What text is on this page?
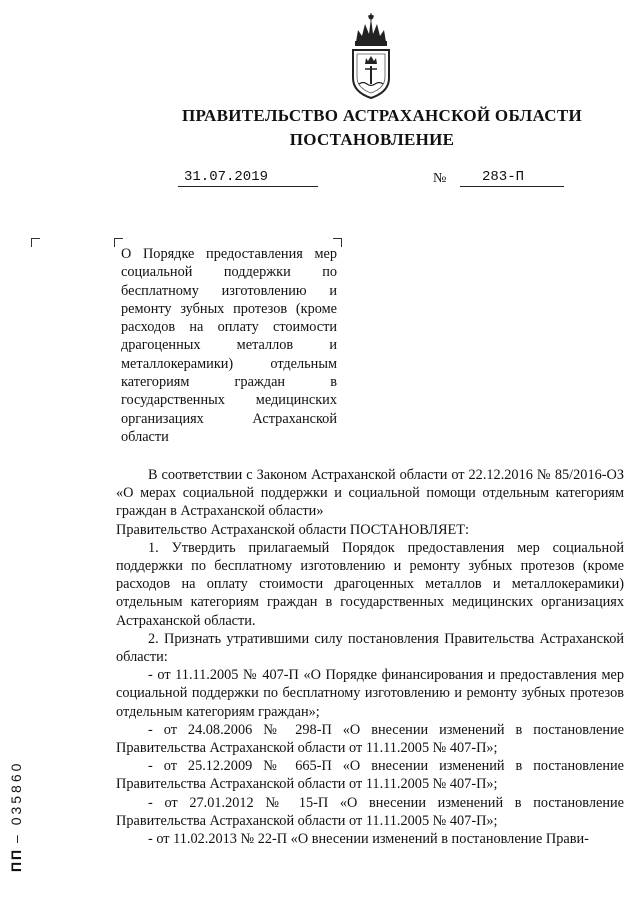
ПРАВИТЕЛЬСТВО АСТРАХАНСКОЙ ОБЛАСТИ
ПОСТАНОВЛЕНИЕ
31.07.2019	№	283-П
О Порядке предоставления мер социальной поддержки по бесплатному изготовлению и ремонту зубных протезов (кроме расходов на оплату стоимости драгоценных металлов и металлокерамики) отдельным категориям граждан в государственных медицинских организациях Астраханской области

В соответствии с Законом Астраханской области от 22.12.2016 № 85/2016-ОЗ «О мерах социальной поддержки и социальной помощи отдельным категориям граждан в Астраханской области»

Правительство Астраханской области ПОСТАНОВЛЯЕТ:

1. Утвердить прилагаемый Порядок предоставления мер социальной поддержки по бесплатному изготовлению и ремонту зубных протезов (кроме расходов на оплату стоимости драгоценных металлов и металлокерамики) отдельным категориям граждан в государственных медицинских организациях Астраханской области.

2. Признать утратившими силу постановления Правительства Астраханской области:

- от 11.11.2005 № 407-П «О Порядке финансирования и предоставления мер социальной поддержки по бесплатному изготовлению и ремонту зубных протезов отдельным категориям граждан»;

- от 24.08.2006 № 298-П «О внесении изменений в постановление Правительства Астраханской области от 11.11.2005 № 407-П»;

- от 25.12.2009 № 665-П «О внесении изменений в постановление Правительства Астраханской области от 11.11.2005 № 407-П»;

- от 27.01.2012 № 15-П «О внесении изменений в постановление Правительства Астраханской области от 11.11.2005 № 407-П»;

- от 11.02.2013 № 22-П «О внесении изменений в постановление Прави-

ПП – 035860
